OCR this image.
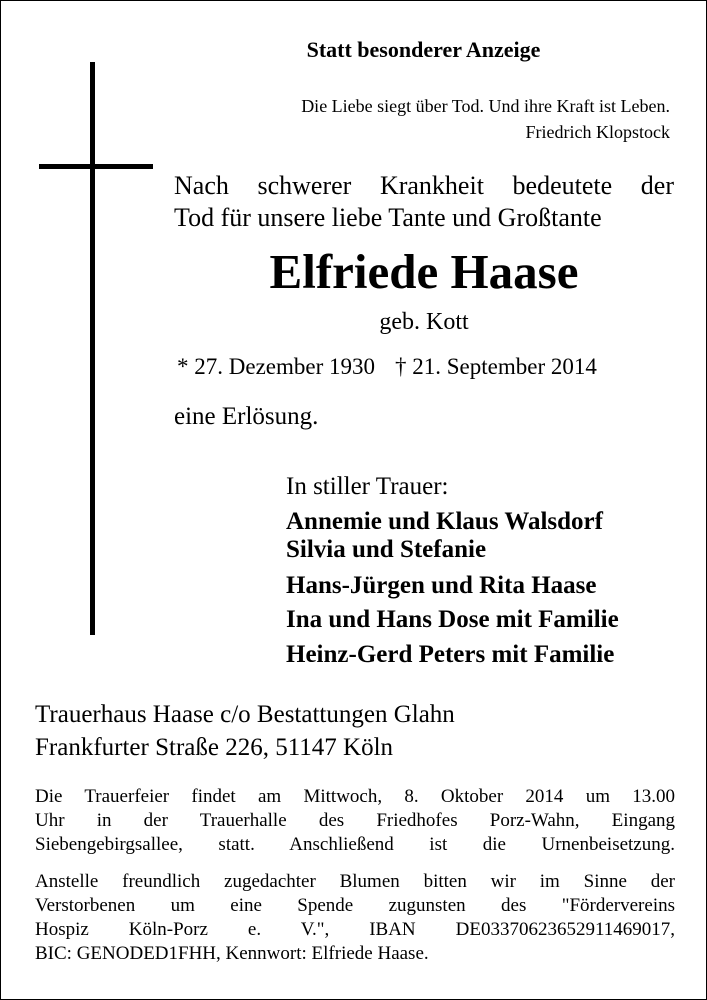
Statt besonderer Anzeige
Die Liebe siegt über Tod. Und ihre Kraft ist Leben.
Friedrich Klopstock
Nach schwerer Krankheit bedeutete der
Tod für unsere liebe Tante und Großtante
Elfriede Haase
geb. Kott
* 27. Dezember 1930 † 21. September 2014
eine Erlösung.
In stiller Trauer:
Annemie und Klaus Walsdorf
Silvia und Stefanie
Hans-Jürgen und Rita Haase
Ina und Hans Dose mit Familie
Heinz-Gerd Peters mit Familie
Trauerhaus Haase c/o Bestattungen Glahn
Frankfurter Straße 226, 51147 Köln
Die Trauerfeier findet am Mittwoch, 8. Oktober 2014 um 13.00
Uhr in der Trauerhalle des Friedhofes Porz-Wahn, Eingang
Siebengebirgsallee, statt. Anschließend ist die Urnenbeisetzung.
Anstelle freundlich zugedachter Blumen bitten wir im Sinne der
Verstorbenen um eine Spende zugunsten des "Fördervereins
Hospiz Köln-Porz e. V.", IBAN DE03370623652911469017,
BIC: GENODED1FHH, Kennwort: Elfriede Haase.
